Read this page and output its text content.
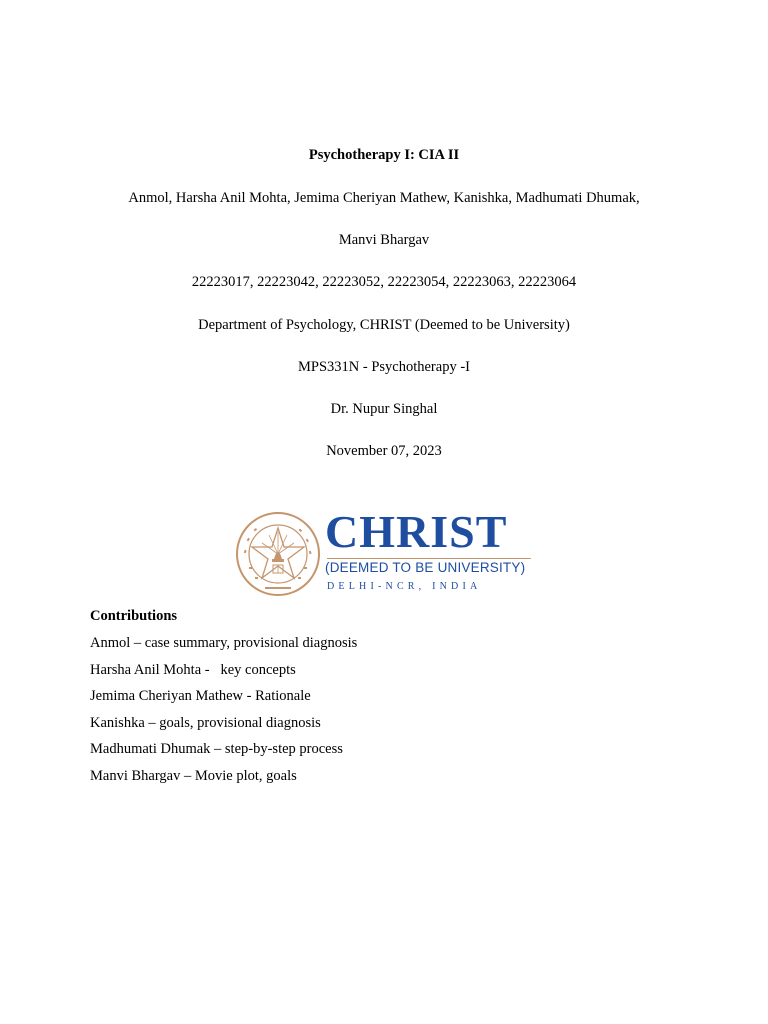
Psychotherapy I: CIA II
Anmol, Harsha Anil Mohta, Jemima Cheriyan Mathew, Kanishka, Madhumati Dhumak,
Manvi Bhargav
22223017, 22223042, 22223052, 22223054, 22223063, 22223064
Department of Psychology, CHRIST (Deemed to be University)
MPS331N - Psychotherapy -I
Dr. Nupur Singhal
November 07, 2023
CHRIST
(DEEMED TO BE UNIVERSITY)
DELHI-NCR, INDIA
Contributions
Anmol – case summary, provisional diagnosis
Harsha Anil Mohta -   key concepts
Jemima Cheriyan Mathew - Rationale
Kanishka – goals, provisional diagnosis
Madhumati Dhumak – step-by-step process
Manvi Bhargav – Movie plot, goals
